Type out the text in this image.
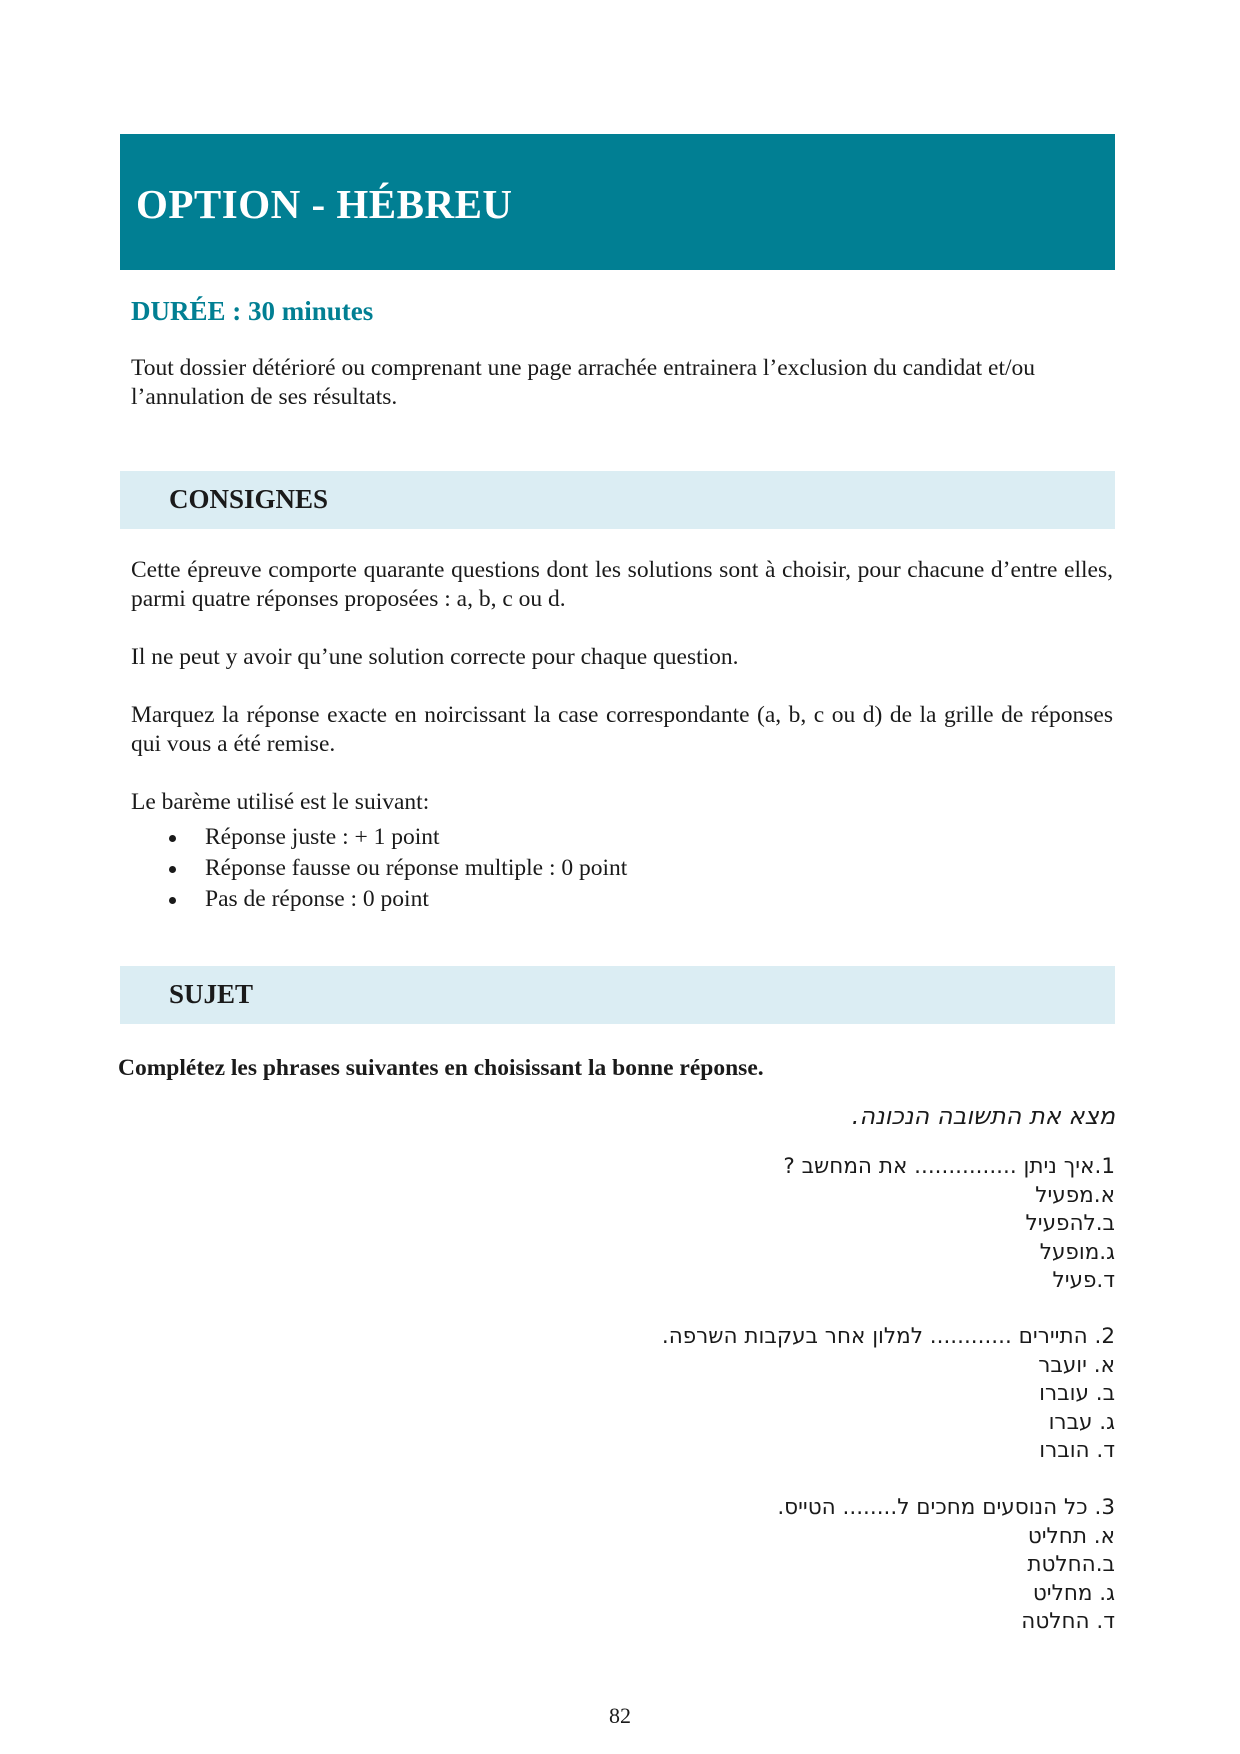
OPTION - HÉBREU
DURÉE : 30 minutes

Tout dossier détérioré ou comprenant une page arrachée entrainera l’exclusion du candidat et/ou l’annulation de ses résultats.

CONSIGNES

Cette épreuve comporte quarante questions dont les solutions sont à choisir, pour chacune d’entre elles, parmi quatre réponses proposées : a, b, c ou d.

Il ne peut y avoir qu’une solution correcte pour chaque question.

Marquez la réponse exacte en noircissant la case correspondante (a, b, c ou d) de la grille de réponses qui vous a été remise.

Le barème utilisé est le suivant:

Réponse juste : + 1 point
Réponse fausse ou réponse multiple : 0 point
Pas de réponse : 0 point
SUJET
Complétez les phrases suivantes en choisissant la bonne réponse.
מצא את התשובה הנכונה.
1.איך ניתן ............... את המחשב ?
א.מפעיל
ב.להפעיל
ג.מופעל
ד.פעיל
2. התיירים ............ למלון אחר בעקבות השרפה.
א. יועבר
ב. עוברו
ג. עברו
ד. הוברו
3. כל הנוסעים מחכים ל........ הטייס.
א. תחליט
ב.החלטת
ג. מחליט
ד. החלטה
82
